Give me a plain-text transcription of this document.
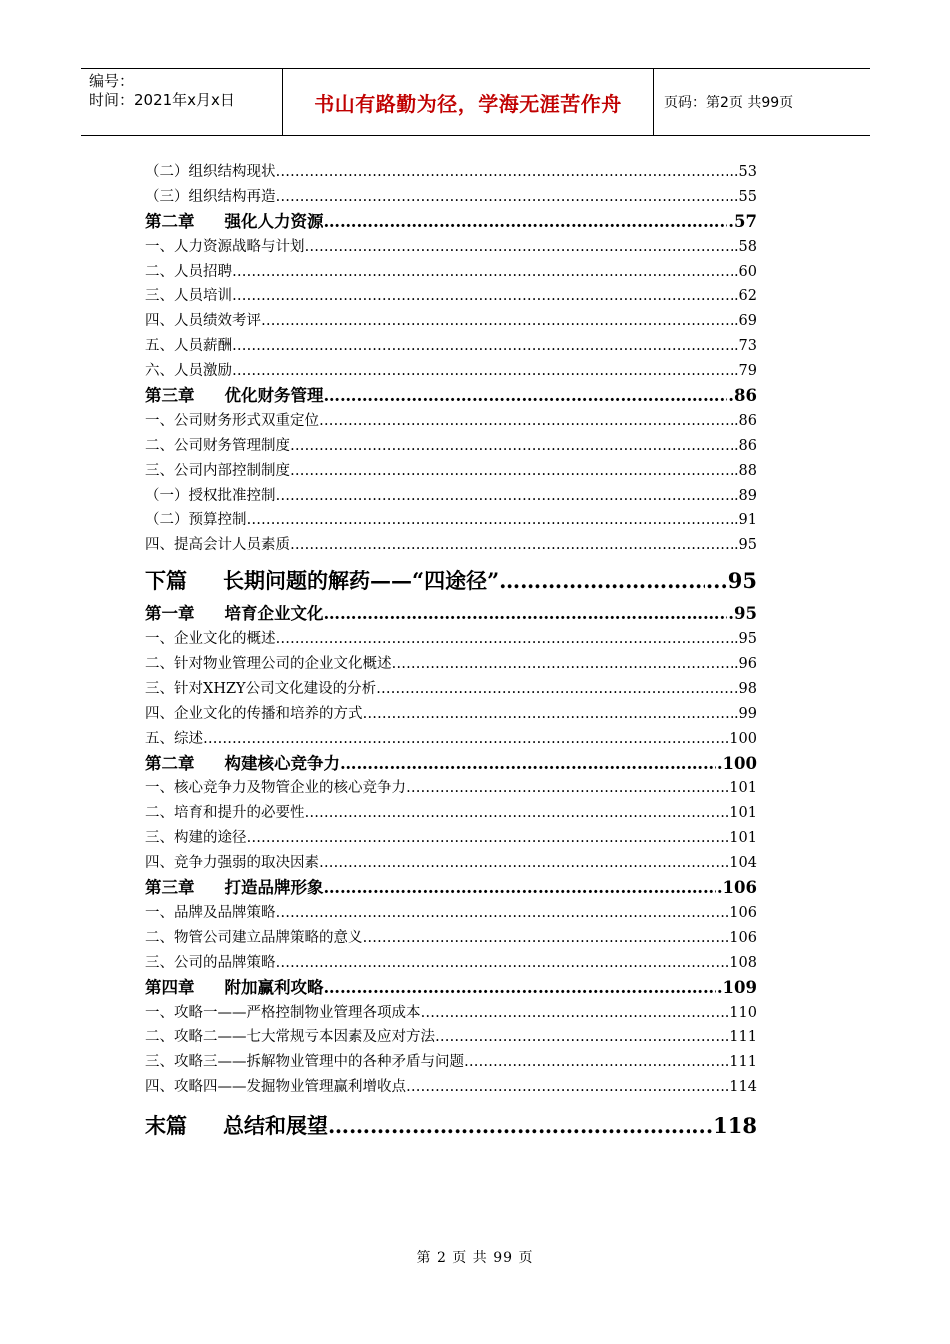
编号：
时间：2021年x月x日	书山有路勤为径，学海无涯苦作舟	页码：第2页 共99页
（二）组织结构现状 …………………………………………………………………………………………………………………………………………………………………………………………………………	..53
（三）组织结构再造 …………………………………………………………………………………………………………………………………………………………………………………………………………	..55
第二章 强化人力资源 …………………………………………………………………………………………………………………………………………………………………………………………………………	.57
一、人力资源战略与计划 …………………………………………………………………………………………………………………………………………………………………………………………………………	.58
二、人员招聘 …………………………………………………………………………………………………………………………………………………………………………………………………………	.60
三、人员培训 …………………………………………………………………………………………………………………………………………………………………………………………………………	.62
四、人员绩效考评 …………………………………………………………………………………………………………………………………………………………………………………………………………	.69
五、人员薪酬 …………………………………………………………………………………………………………………………………………………………………………………………………………	.73
六、人员激励 …………………………………………………………………………………………………………………………………………………………………………………………………………	.79
第三章 优化财务管理 …………………………………………………………………………………………………………………………………………………………………………………………………………	.86
一、公司财务形式双重定位 …………………………………………………………………………………………………………………………………………………………………………………………………………	.86
二、公司财务管理制度 …………………………………………………………………………………………………………………………………………………………………………………………………………	.86
三、公司内部控制制度 …………………………………………………………………………………………………………………………………………………………………………………………………………	.88
（一）授权批准控制 …………………………………………………………………………………………………………………………………………………………………………………………………………	.89
（二）预算控制 …………………………………………………………………………………………………………………………………………………………………………………………………………	.91
四、提高会计人员素质 …………………………………………………………………………………………………………………………………………………………………………………………………………	.95
下篇 长期问题的解药——“四途径” …………………………………………………………………………………………………………………………………………………………………………………………………………	...95
第一章 培育企业文化 …………………………………………………………………………………………………………………………………………………………………………………………………………	.95
一、企业文化的概述 …………………………………………………………………………………………………………………………………………………………………………………………………………	.95
二、针对物业管理公司的企业文化概述 …………………………………………………………………………………………………………………………………………………………………………………………………………	.96
三、针对XHZY公司文化建设的分析 …………………………………………………………………………………………………………………………………………………………………………………………………………	98
四、企业文化的传播和培养的方式 …………………………………………………………………………………………………………………………………………………………………………………………………………	.99
五、综述 …………………………………………………………………………………………………………………………………………………………………………………………………………	.100
第二章 构建核心竞争力 …………………………………………………………………………………………………………………………………………………………………………………………………………	.100
一、核心竞争力及物管企业的核心竞争力 …………………………………………………………………………………………………………………………………………………………………………………………………………	.101
二、培育和提升的必要性 …………………………………………………………………………………………………………………………………………………………………………………………………………	.101
三、构建的途径 …………………………………………………………………………………………………………………………………………………………………………………………………………	.101
四、竞争力强弱的取决因素 …………………………………………………………………………………………………………………………………………………………………………………………………………	.104
第三章 打造品牌形象 …………………………………………………………………………………………………………………………………………………………………………………………………………	.106
一、品牌及品牌策略 …………………………………………………………………………………………………………………………………………………………………………………………………………	.106
二、物管公司建立品牌策略的意义 …………………………………………………………………………………………………………………………………………………………………………………………………………	.106
三、公司的品牌策略 …………………………………………………………………………………………………………………………………………………………………………………………………………	.108
第四章 附加赢利攻略 …………………………………………………………………………………………………………………………………………………………………………………………………………	.109
一、攻略一——严格控制物业管理各项成本 …………………………………………………………………………………………………………………………………………………………………………………………………………	.110
二、攻略二——七大常规亏本因素及应对方法 …………………………………………………………………………………………………………………………………………………………………………………………………………	.111
三、攻略三——拆解物业管理中的各种矛盾与问题 …………………………………………………………………………………………………………………………………………………………………………………………………………	.111
四、攻略四——发掘物业管理赢利增收点 …………………………………………………………………………………………………………………………………………………………………………………………………………	.114
末篇 总结和展望 …………………………………………………………………………………………………………………………………………………………………………………………………………	...118
第 2 页 共 99 页
